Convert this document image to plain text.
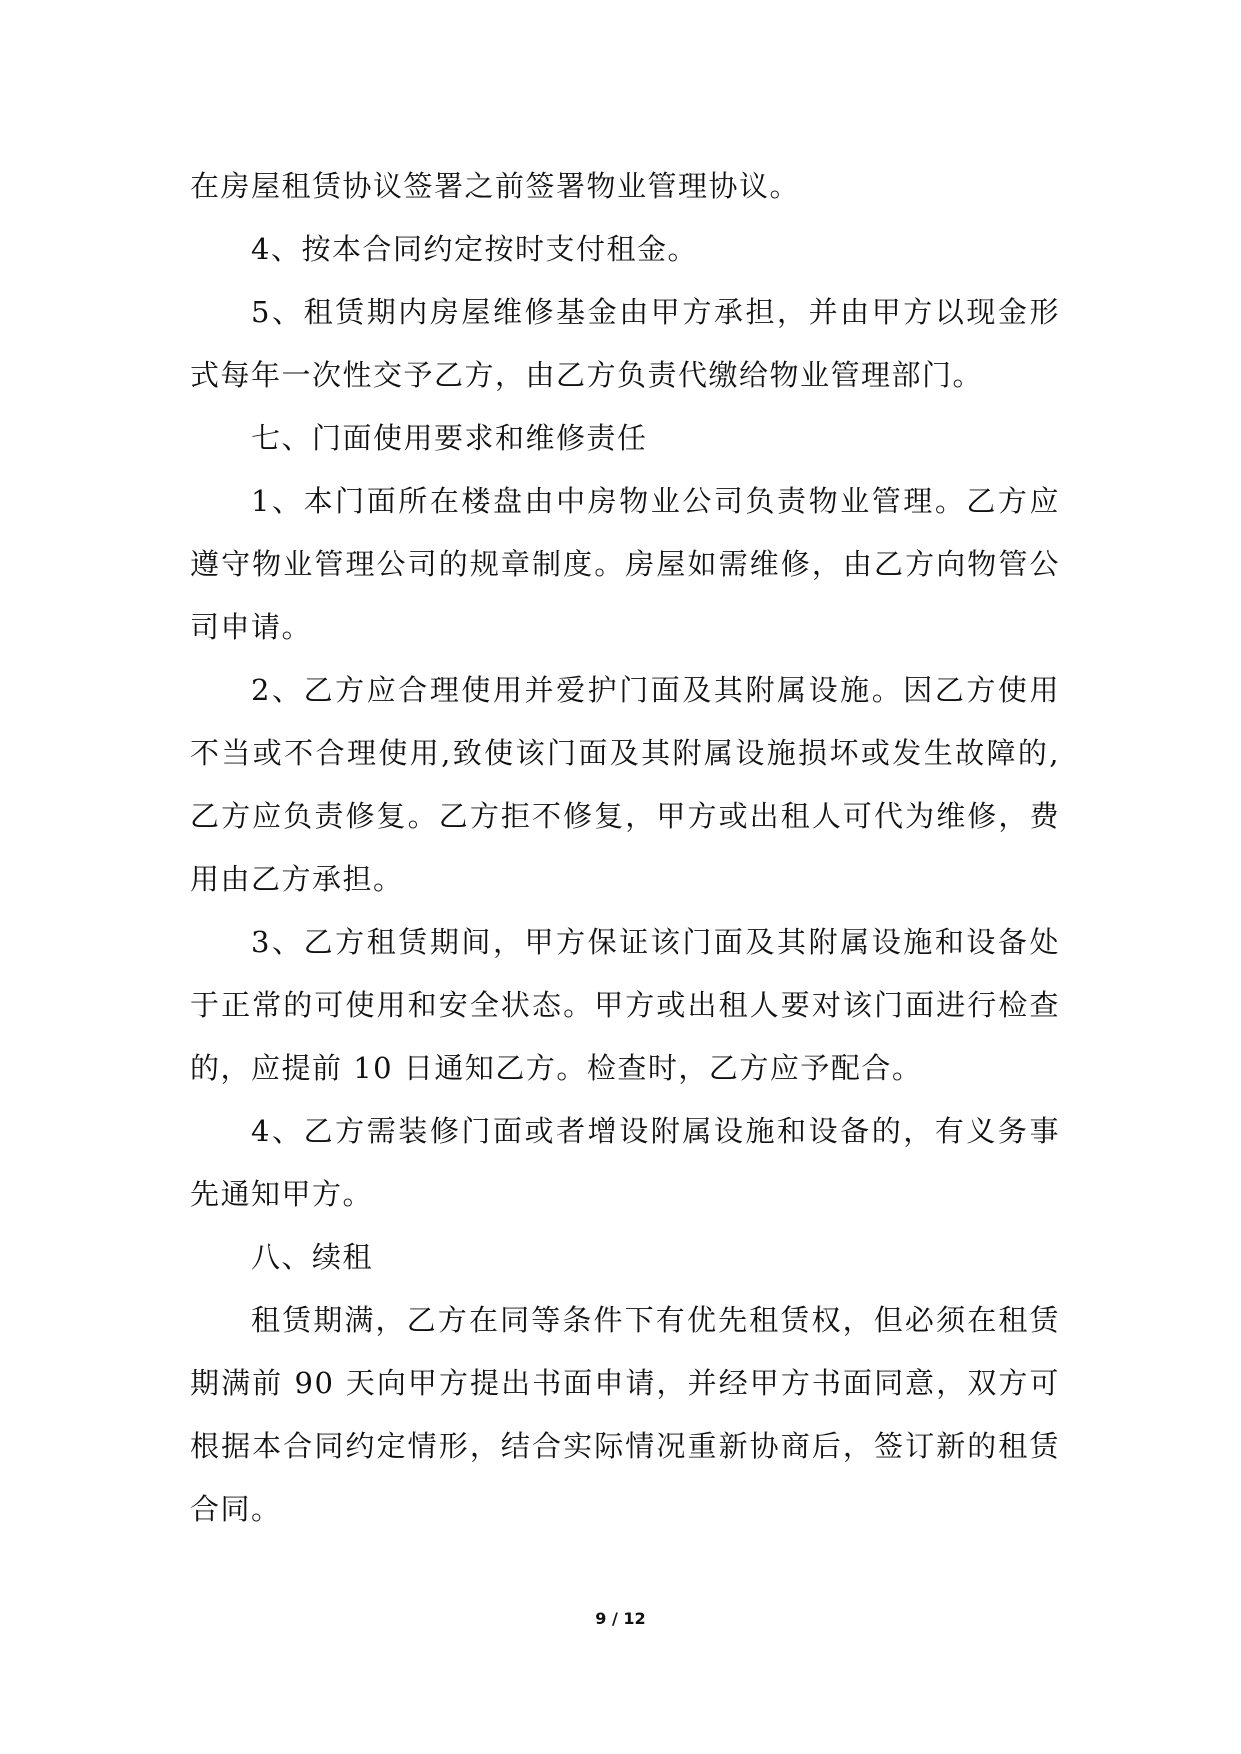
在房屋租赁协议签署之前签署物业管理协议。

4、按本合同约定按时支付租金。

5、租赁期内房屋维修基金由甲方承担，并由甲方以现金形式每年一次性交予乙方，由乙方负责代缴给物业管理部门。

七、门面使用要求和维修责任

1、本门面所在楼盘由中房物业公司负责物业管理。乙方应遵守物业管理公司的规章制度。房屋如需维修，由乙方向物管公司申请。

2、乙方应合理使用并爱护门面及其附属设施。因乙方使用不当或不合理使用,致使该门面及其附属设施损坏或发生故障的,乙方应负责修复。乙方拒不修复，甲方或出租人可代为维修，费用由乙方承担。

3、乙方租赁期间，甲方保证该门面及其附属设施和设备处于正常的可使用和安全状态。甲方或出租人要对该门面进行检查的，应提前 10 日通知乙方。检查时，乙方应予配合。

4、乙方需装修门面或者增设附属设施和设备的，有义务事先通知甲方。

八、续租

租赁期满，乙方在同等条件下有优先租赁权，但必须在租赁期满前 90 天向甲方提出书面申请，并经甲方书面同意，双方可根据本合同约定情形，结合实际情况重新协商后，签订新的租赁合同。

9 / 12
